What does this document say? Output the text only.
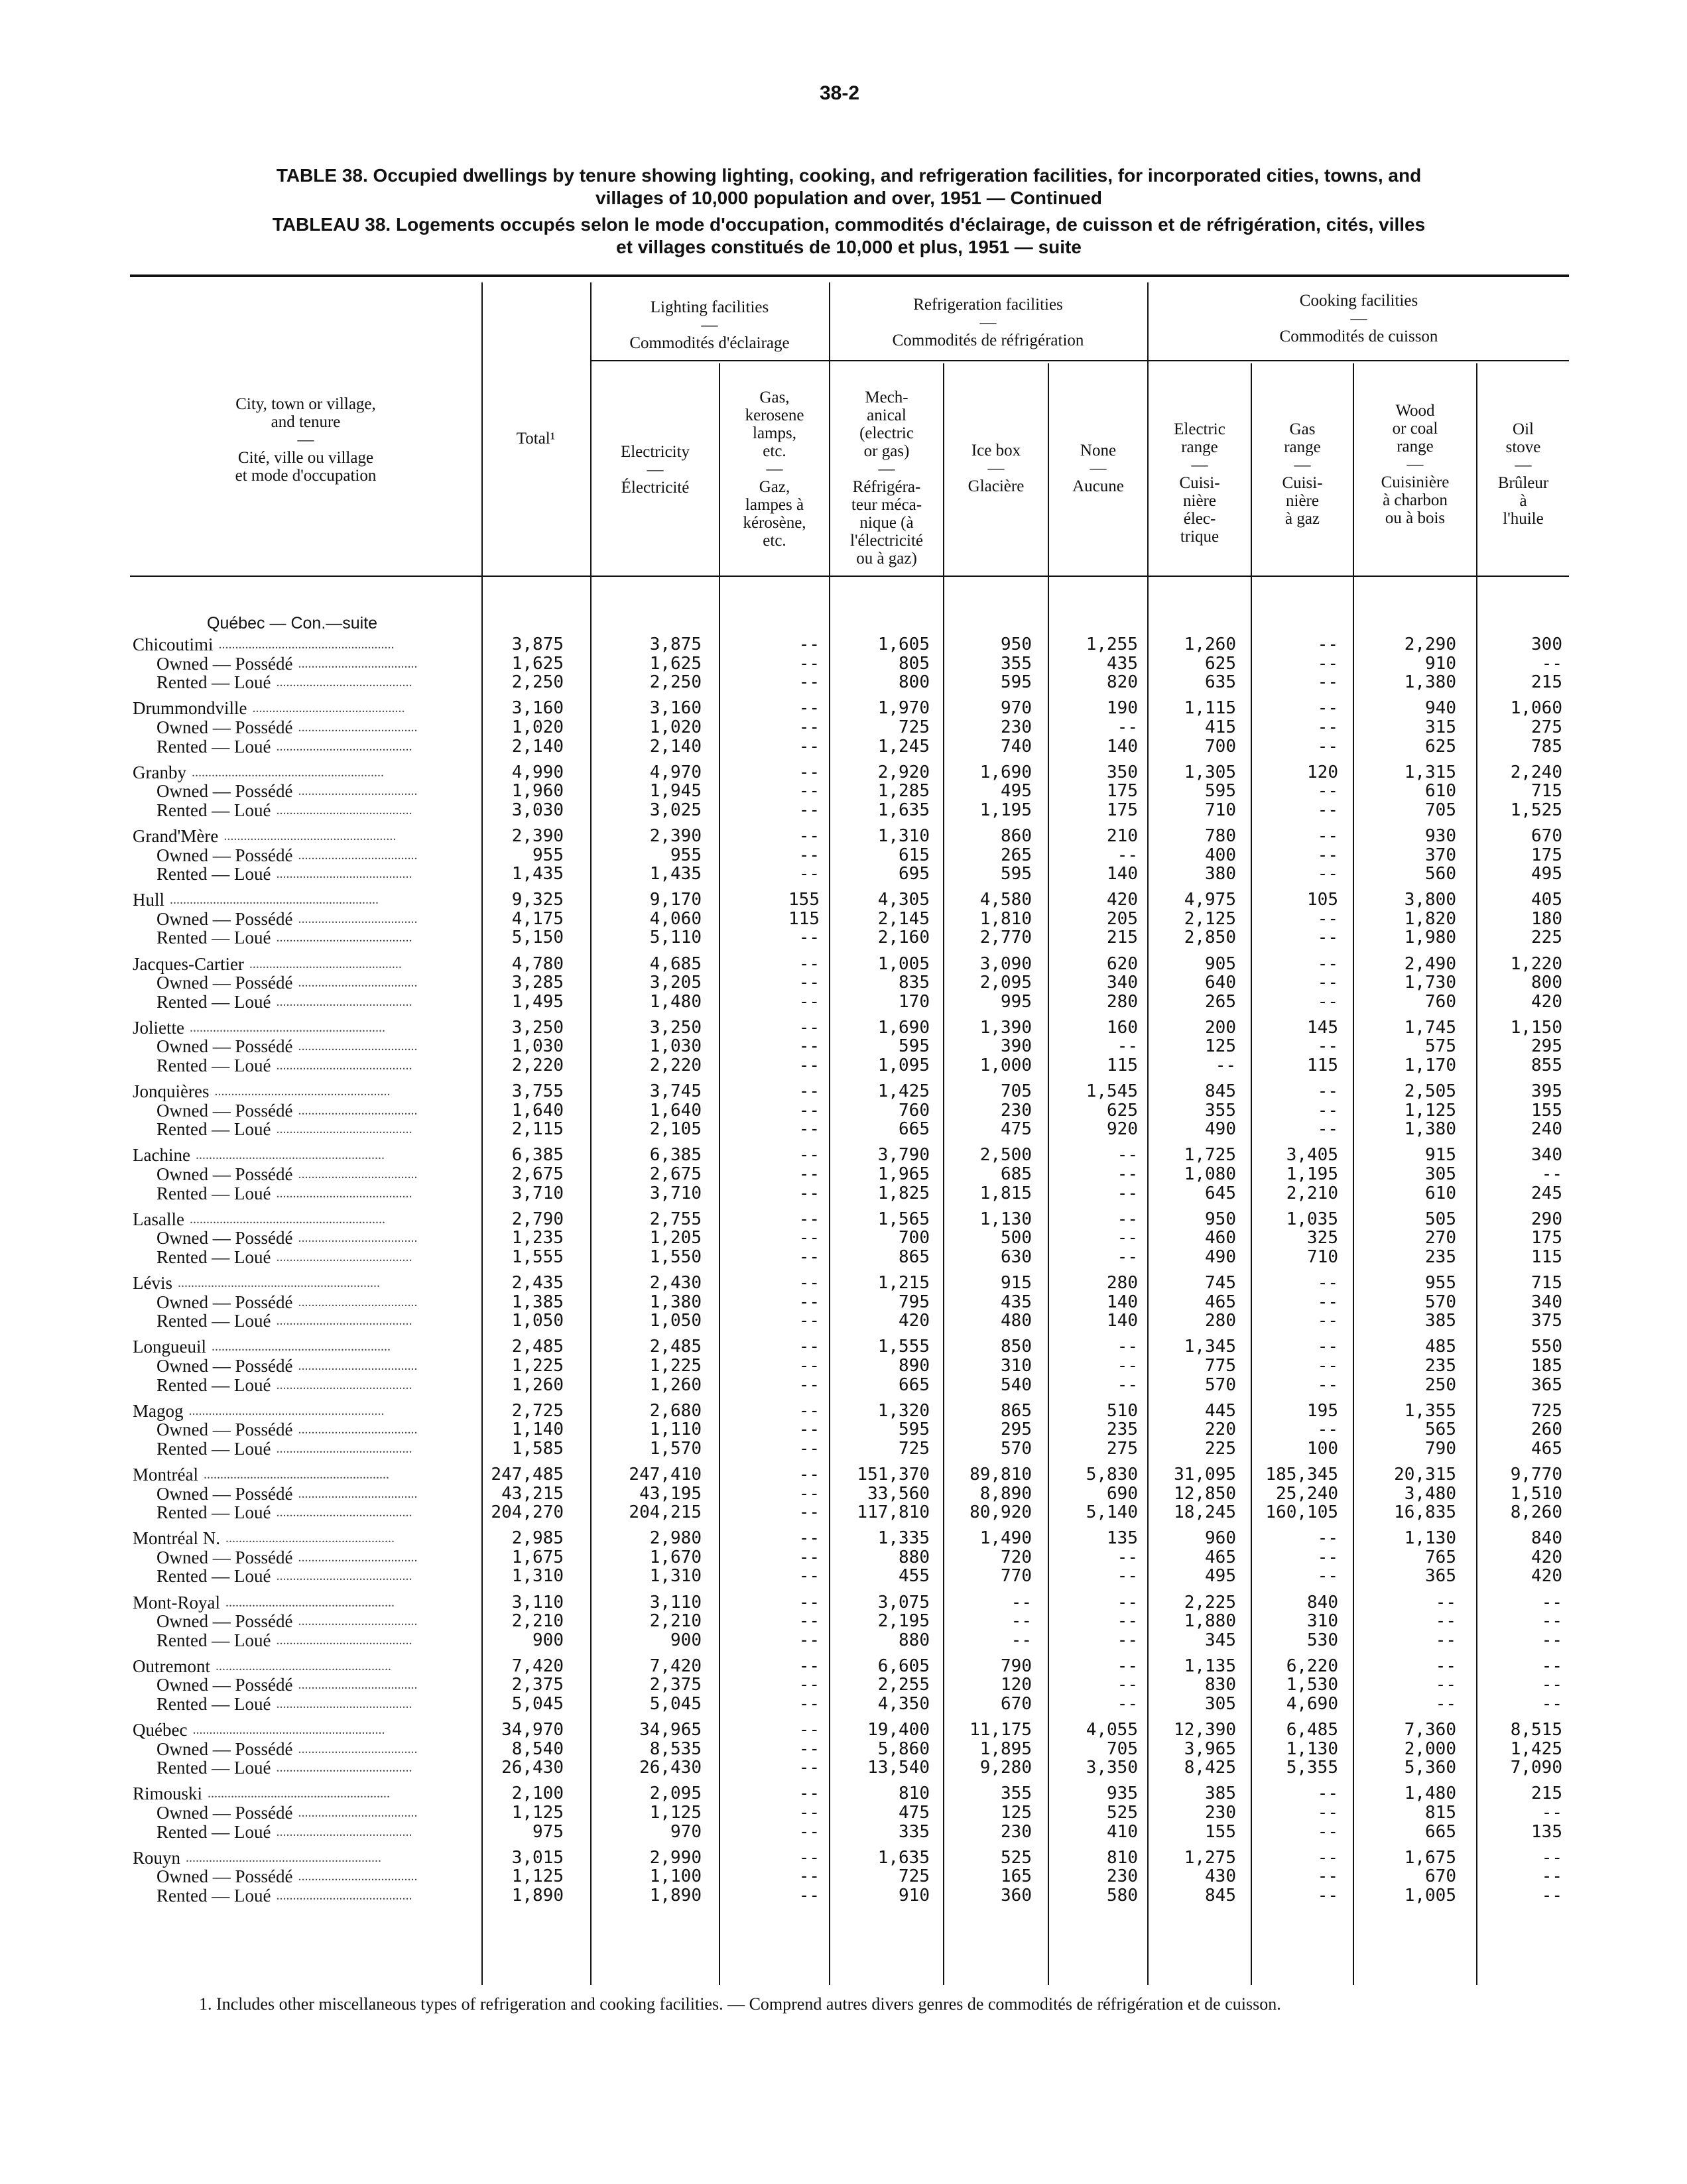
38-2
TABLE 38. Occupied dwellings by tenure showing lighting, cooking, and refrigeration facilities, for incorporated cities, towns, and
villages of 10,000 population and over, 1951 — Continued
TABLEAU 38. Logements occupés selon le mode d'occupation, commodités d'éclairage, de cuisson et de réfrigération, cités, villes
et villages constitués de 10,000 et plus, 1951 — suite
City, town or village,
and tenure
—
Cité, ville ou village
et mode d'occupation
Total¹
Lighting facilities
—
Commodités d'éclairage
Refrigeration facilities
—
Commodités de réfrigération
Cooking facilities
—
Commodités de cuisson
Electricity
—
Électricité
Gas,
kerosene
lamps,
etc.
—
Gaz,
lampes à
kérosène,
etc.
Mech-
anical
(electric
or gas)
—
Réfrigéra-
teur méca-
nique (à
l'électricité
ou à gaz)
Ice box
—
Glacière
None
—
Aucune
Electric
range
—
Cuisi-
nière
élec-
trique
Gas
range
—
Cuisi-
nière
à gaz
Wood
or coal
range
—
Cuisinière
à charbon
ou à bois
Oil
stove
—
Brûleur
à
l'huile
Québec — Con.—suite
Chicoutimi .....................................................	3,875	3,875	--	1,605	950	1,255	1,260	--	2,290	300
Owned — Possédé ....................................	1,625	1,625	--	805	355	435	625	--	910	--
Rented — Loué .........................................	2,250	2,250	--	800	595	820	635	--	1,380	215
Drummondville ..............................................	3,160	3,160	--	1,970	970	190	1,115	--	940	1,060
Owned — Possédé ....................................	1,020	1,020	--	725	230	--	415	--	315	275
Rented — Loué .........................................	2,140	2,140	--	1,245	740	140	700	--	625	785
Granby ..........................................................	4,990	4,970	--	2,920	1,690	350	1,305	120	1,315	2,240
Owned — Possédé ....................................	1,960	1,945	--	1,285	495	175	595	--	610	715
Rented — Loué .........................................	3,030	3,025	--	1,635	1,195	175	710	--	705	1,525
Grand'Mère ....................................................	2,390	2,390	--	1,310	860	210	780	--	930	670
Owned — Possédé ....................................	955	955	--	615	265	--	400	--	370	175
Rented — Loué .........................................	1,435	1,435	--	695	595	140	380	--	560	495
Hull ...............................................................	9,325	9,170	155	4,305	4,580	420	4,975	105	3,800	405
Owned — Possédé ....................................	4,175	4,060	115	2,145	1,810	205	2,125	--	1,820	180
Rented — Loué .........................................	5,150	5,110	--	2,160	2,770	215	2,850	--	1,980	225
Jacques-Cartier ..............................................	4,780	4,685	--	1,005	3,090	620	905	--	2,490	1,220
Owned — Possédé ....................................	3,285	3,205	--	835	2,095	340	640	--	1,730	800
Rented — Loué .........................................	1,495	1,480	--	170	995	280	265	--	760	420
Joliette ...........................................................	3,250	3,250	--	1,690	1,390	160	200	145	1,745	1,150
Owned — Possédé ....................................	1,030	1,030	--	595	390	--	125	--	575	295
Rented — Loué .........................................	2,220	2,220	--	1,095	1,000	115	--	115	1,170	855
Jonquières .....................................................	3,755	3,745	--	1,425	705	1,545	845	--	2,505	395
Owned — Possédé ....................................	1,640	1,640	--	760	230	625	355	--	1,125	155
Rented — Loué .........................................	2,115	2,105	--	665	475	920	490	--	1,380	240
Lachine .........................................................	6,385	6,385	--	3,790	2,500	--	1,725	3,405	915	340
Owned — Possédé ....................................	2,675	2,675	--	1,965	685	--	1,080	1,195	305	--
Rented — Loué .........................................	3,710	3,710	--	1,825	1,815	--	645	2,210	610	245
Lasalle ...........................................................	2,790	2,755	--	1,565	1,130	--	950	1,035	505	290
Owned — Possédé ....................................	1,235	1,205	--	700	500	--	460	325	270	175
Rented — Loué .........................................	1,555	1,550	--	865	630	--	490	710	235	115
Lévis .............................................................	2,435	2,430	--	1,215	915	280	745	--	955	715
Owned — Possédé ....................................	1,385	1,380	--	795	435	140	465	--	570	340
Rented — Loué .........................................	1,050	1,050	--	420	480	140	280	--	385	375
Longueuil ......................................................	2,485	2,485	--	1,555	850	--	1,345	--	485	550
Owned — Possédé ....................................	1,225	1,225	--	890	310	--	775	--	235	185
Rented — Loué .........................................	1,260	1,260	--	665	540	--	570	--	250	365
Magog ...........................................................	2,725	2,680	--	1,320	865	510	445	195	1,355	725
Owned — Possédé ....................................	1,140	1,110	--	595	295	235	220	--	565	260
Rented — Loué .........................................	1,585	1,570	--	725	570	275	225	100	790	465
Montréal ........................................................	247,485	247,410	-- 151,370 89,810	5,830 31,095 185,345	20,315	9,770
Owned — Possédé ....................................	43,215	43,195	--	33,560	8,890	690 12,850 25,240	3,480	1,510
Rented — Loué .........................................	204,270	204,215	-- 117,810 80,920	5,140 18,245 160,105	16,835	8,260
Montréal N. ...................................................	2,985	2,980	--	1,335	1,490	135	960	--	1,130	840
Owned — Possédé ....................................	1,675	1,670	--	880	720	--	465	--	765	420
Rented — Loué .........................................	1,310	1,310	--	455	770	--	495	--	365	420
Mont-Royal ...................................................	3,110	3,110	--	3,075	--	--	2,225	840	--	--
Owned — Possédé ....................................	2,210	2,210	--	2,195	--	--	1,880	310	--	--
Rented — Loué .........................................	900	900	--	880	--	--	345	530	--	--
Outremont .....................................................	7,420	7,420	--	6,605	790	--	1,135	6,220	--	--
Owned — Possédé ....................................	2,375	2,375	--	2,255	120	--	830	1,530	--	--
Rented — Loué .........................................	5,045	5,045	--	4,350	670	--	305	4,690	--	--
Québec ..........................................................	34,970	34,965	--	19,400 11,175	4,055 12,390	6,485	7,360	8,515
Owned — Possédé ....................................	8,540	8,535	--	5,860	1,895	705	3,965	1,130	2,000	1,425
Rented — Loué .........................................	26,430	26,430	--	13,540	9,280	3,350	8,425	5,355	5,360	7,090
Rimouski .......................................................	2,100	2,095	--	810	355	935	385	--	1,480	215
Owned — Possédé ....................................	1,125	1,125	--	475	125	525	230	--	815	--
Rented — Loué .........................................	975	970	--	335	230	410	155	--	665	135
Rouyn ...........................................................	3,015	2,990	--	1,635	525	810	1,275	--	1,675	--
Owned — Possédé ....................................	1,125	1,100	--	725	165	230	430	--	670	--
Rented — Loué .........................................	1,890	1,890	--	910	360	580	845	--	1,005	--
1. Includes other miscellaneous types of refrigeration and cooking facilities. — Comprend autres divers genres de commodités de réfrigération et de cuisson.
